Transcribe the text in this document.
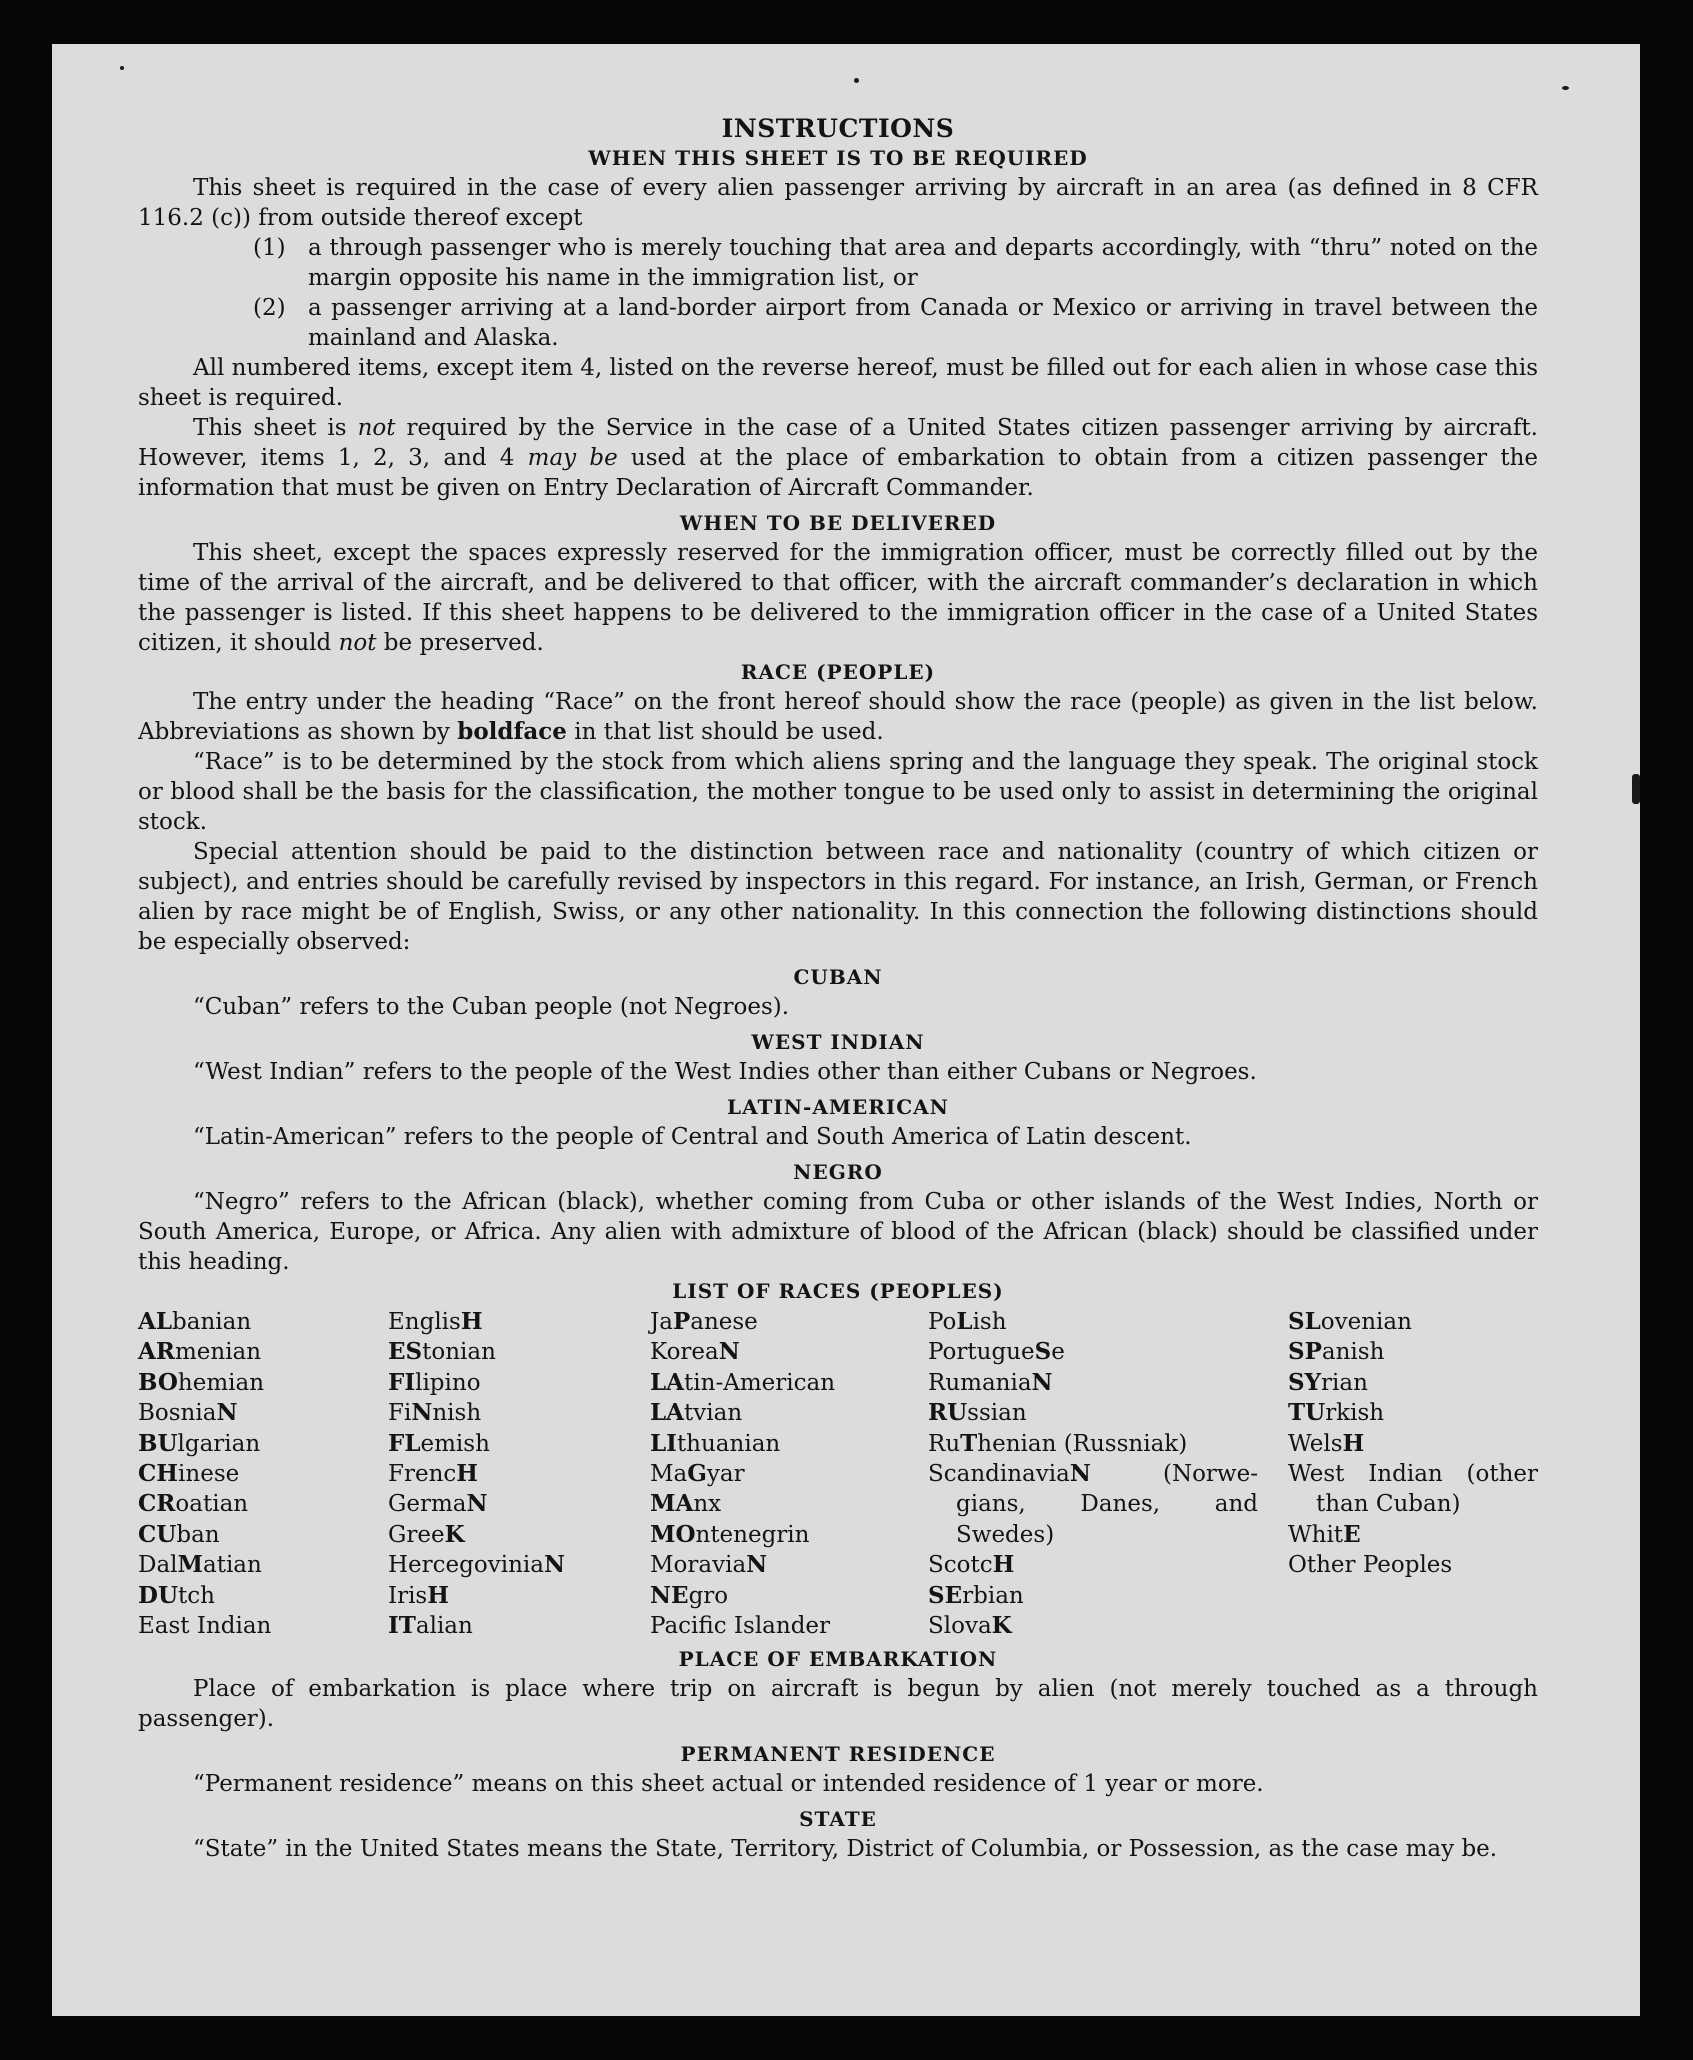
INSTRUCTIONS
WHEN THIS SHEET IS TO BE REQUIRED

This sheet is required in the case of every alien passenger arriving by aircraft in an area (as defined in 8 CFR 116.2 (c)) from outside thereof except

(1) a through passenger who is merely touching that area and departs accordingly, with “thru” noted on the margin opposite his name in the immigration list, or
(2) a passenger arriving at a land-border airport from Canada or Mexico or arriving in travel between the mainland and Alaska.

All numbered items, except item 4, listed on the reverse hereof, must be filled out for each alien in whose case this sheet is required.

This sheet is not required by the Service in the case of a United States citizen passenger arriving by aircraft. However, items 1, 2, 3, and 4 may be used at the place of embarkation to obtain from a citizen passenger the information that must be given on Entry Declaration of Aircraft Commander.

WHEN TO BE DELIVERED

This sheet, except the spaces expressly reserved for the immigration officer, must be correctly filled out by the time of the arrival of the aircraft, and be delivered to that officer, with the aircraft commander’s declaration in which the passenger is listed. If this sheet happens to be delivered to the immigration officer in the case of a United States citizen, it should not be preserved.

RACE (PEOPLE)

The entry under the heading “Race” on the front hereof should show the race (people) as given in the list below. Abbreviations as shown by boldface in that list should be used.

“Race” is to be determined by the stock from which aliens spring and the language they speak. The original stock or blood shall be the basis for the classification, the mother tongue to be used only to assist in determining the original stock.

Special attention should be paid to the distinction between race and nationality (country of which citizen or subject), and entries should be carefully revised by inspectors in this regard. For instance, an Irish, German, or French alien by race might be of English, Swiss, or any other nationality. In this connection the following distinctions should be especially observed:

CUBAN

“Cuban” refers to the Cuban people (not Negroes).

WEST INDIAN

“West Indian” refers to the people of the West Indies other than either Cubans or Negroes.

LATIN-AMERICAN

“Latin-American” refers to the people of Central and South America of Latin descent.

NEGRO

“Negro” refers to the African (black), whether coming from Cuba or other islands of the West Indies, North or South America, Europe, or Africa. Any alien with admixture of blood of the African (black) should be classified under this heading.

LIST OF RACES (PEOPLES)
ALbanian
ARmenian
BOhemian
BosniaN
BUlgarian
CHinese
CRoatian
CUban
DalMatian
DUtch
East Indian
EnglisH
EStonian
FIlipino
FiNnish
FLemish
FrencH
GermaN
GreeK
HercegoviniaN
IrisH
ITalian
JaPanese
KoreaN
LAtin-American
LAtvian
LIthuanian
MaGyar
MAnx
MOntenegrin
MoraviaN
NEgro
Pacific Islander
PoLish
PortugueSe
RumaniaN
RUssian
RuThenian (Russniak)
ScandinaviaN (Norwe-
gians, Danes, and
Swedes)
ScotcH
SErbian
SlovaK
SLovenian
SPanish
SYrian
TUrkish
WelsH
West Indian (other
than Cuban)
WhitE
Other Peoples
PLACE OF EMBARKATION

Place of embarkation is place where trip on aircraft is begun by alien (not merely touched as a through passenger).

PERMANENT RESIDENCE

“Permanent residence” means on this sheet actual or intended residence of 1 year or more.

STATE

“State” in the United States means the State, Territory, District of Columbia, or Possession, as the case may be.
